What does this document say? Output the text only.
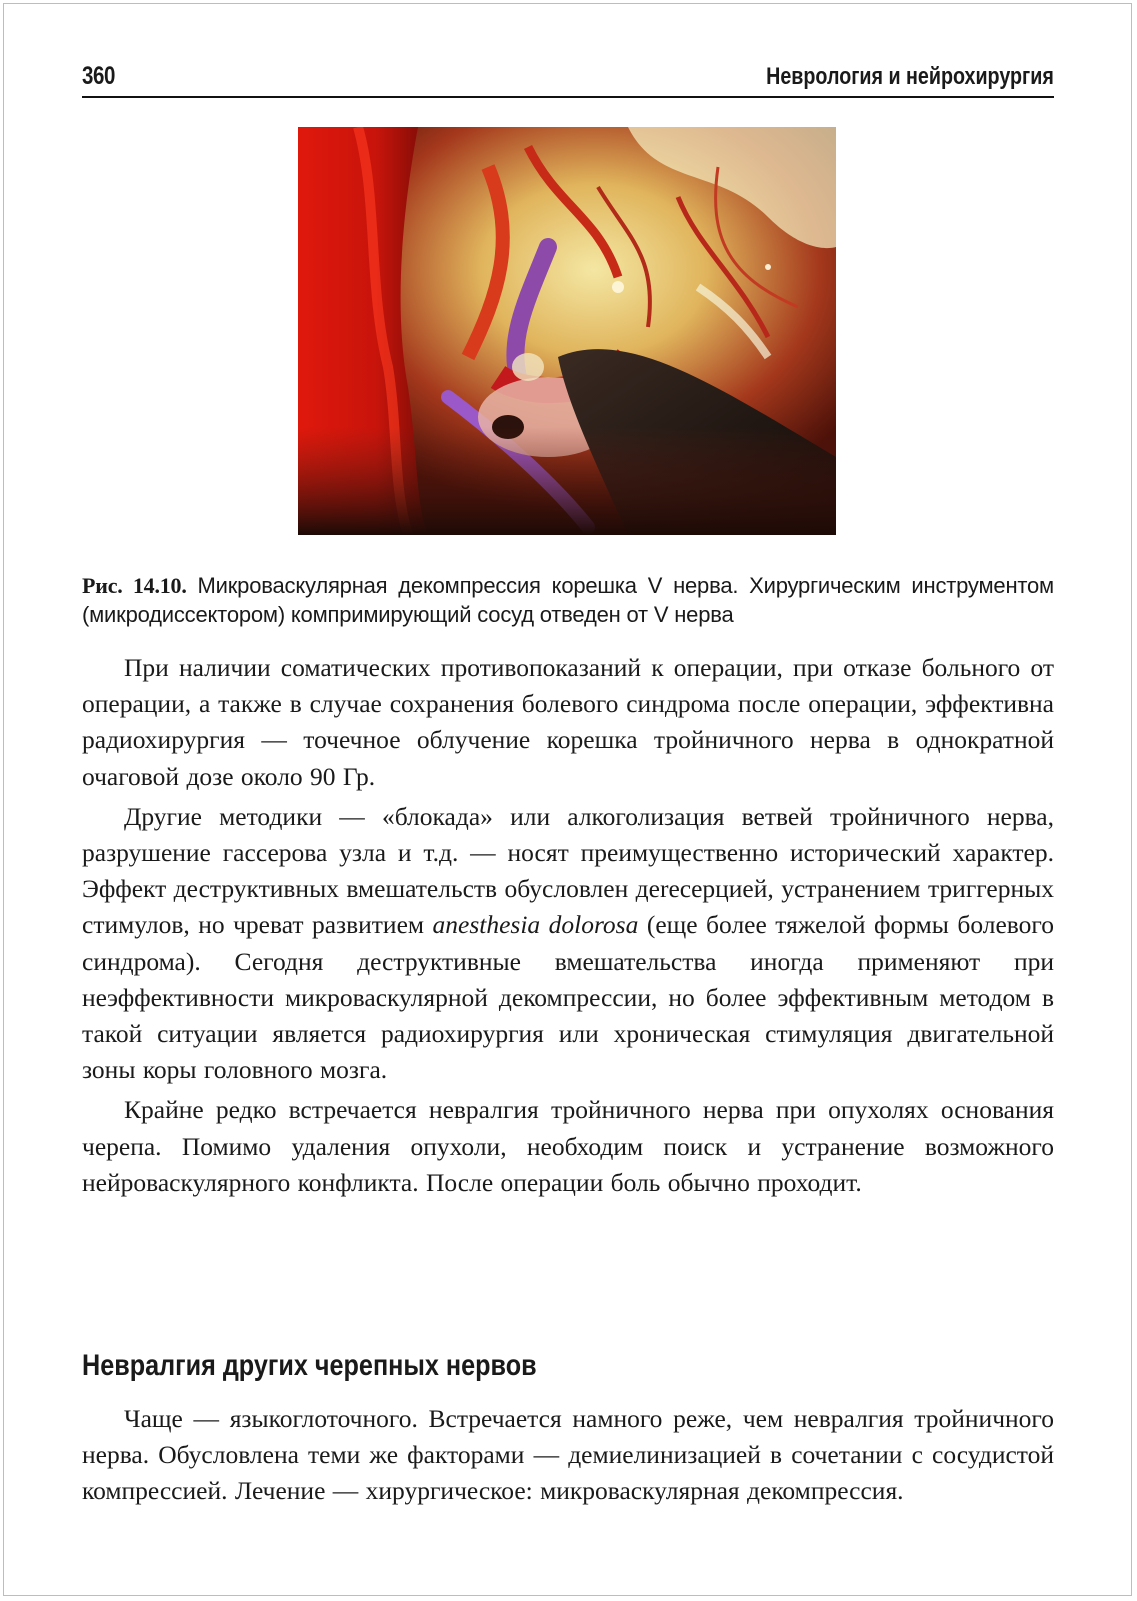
360	Неврология и нейрохирургия
Рис. 14.10. Микроваскулярная декомпрессия корешка V нерва. Хирургическим инструментом (микродиссектором) компримирующий сосуд отведен от V нерва

При наличии соматических противопоказаний к операции, при отказе больного от операции, а также в случае сохранения болевого синдрома после операции, эффективна радиохирургия — точечное облучение корешка тройничного нерва в однократной очаговой дозе около 90 Гр.

Другие методики — «блокада» или алкоголизация ветвей тройничного нерва, разрушение гассерова узла и т.д. — носят преимущественно исторический характер. Эффект деструктивных вмешательств обусловлен деrecepцией, устранением триггерных стимулов, но чреват развитием anesthesia dolorosa (еще более тяжелой формы болевого синдрома). Сегодня деструктивные вмешательства иногда применяют при неэффективности микроваскулярной декомпрессии, но более эффективным методом в такой ситуации является радиохирургия или хроническая стимуляция двигательной зоны коры головного мозга.

Крайне редко встречается невралгия тройничного нерва при опухолях основания черепа. Помимо удаления опухоли, необходим поиск и устранение возможного нейроваскулярного конфликта. После операции боль обычно проходит.

Невралгия других черепных нервов

Чаще — языкоглоточного. Встречается намного реже, чем невралгия тройничного нерва. Обусловлена теми же факторами — демиелинизацией в сочетании с сосудистой компрессией. Лечение — хирургическое: микроваскулярная декомпрессия.
